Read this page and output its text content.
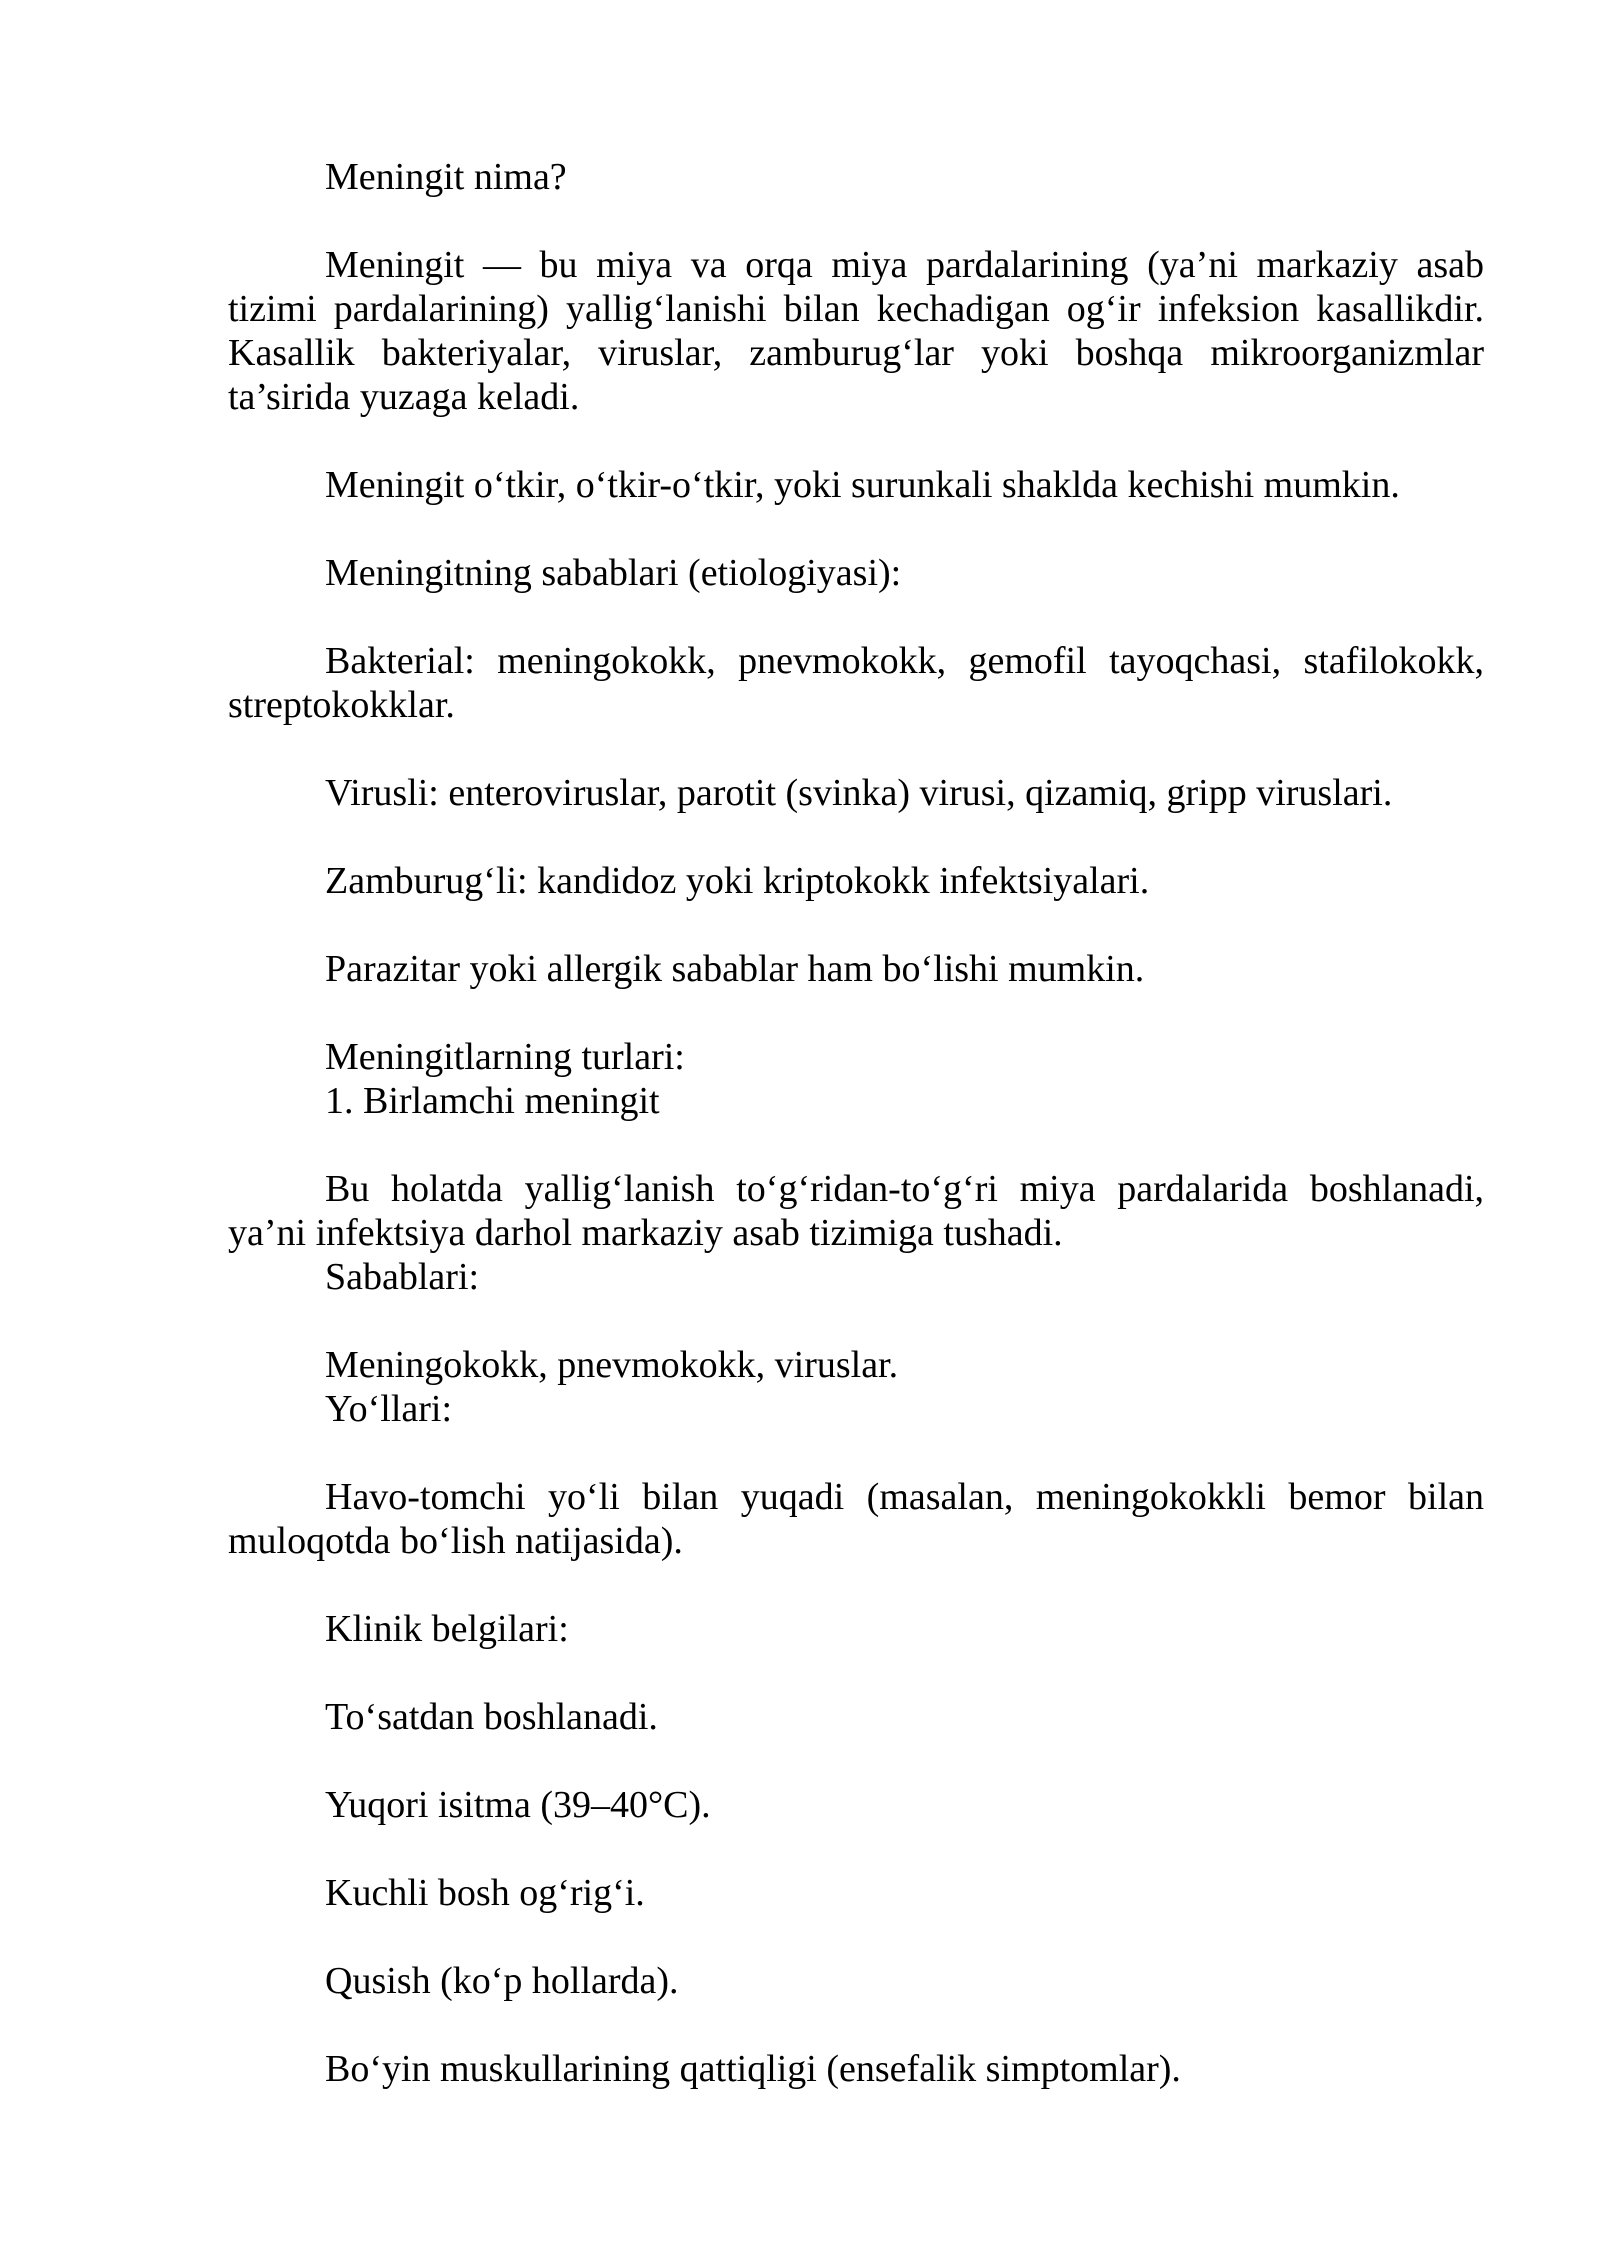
Meningit nima?

Meningit — bu miya va orqa miya pardalarining (ya’ni markaziy asab tizimi pardalarining) yallig‘lanishi bilan kechadigan og‘ir infeksion kasallikdir. Kasallik bakteriyalar, viruslar, zamburug‘lar yoki boshqa mikroorganizmlar ta’sirida yuzaga keladi.

Meningit o‘tkir, o‘tkir-o‘tkir, yoki surunkali shaklda kechishi mumkin.

Meningitning sabablari (etiologiyasi):

Bakterial: meningokokk, pnevmokokk, gemofil tayoqchasi, stafilokokk, streptokokklar.

Virusli: enteroviruslar, parotit (svinka) virusi, qizamiq, gripp viruslari.

Zamburug‘li: kandidoz yoki kriptokokk infektsiyalari.

Parazitar yoki allergik sabablar ham bo‘lishi mumkin.

Meningitlarning turlari:

1. Birlamchi meningit

Bu holatda yallig‘lanish to‘g‘ridan-to‘g‘ri miya pardalarida boshlanadi, ya’ni infektsiya darhol markaziy asab tizimiga tushadi.

Sabablari:

Meningokokk, pnevmokokk, viruslar.

Yo‘llari:

Havo-tomchi yo‘li bilan yuqadi (masalan, meningokokkli bemor bilan muloqotda bo‘lish natijasida).

Klinik belgilari:

To‘satdan boshlanadi.

Yuqori isitma (39–40°C).

Kuchli bosh og‘rig‘i.

Qusish (ko‘p hollarda).

Bo‘yin muskullarining qattiqligi (ensefalik simptomlar).
